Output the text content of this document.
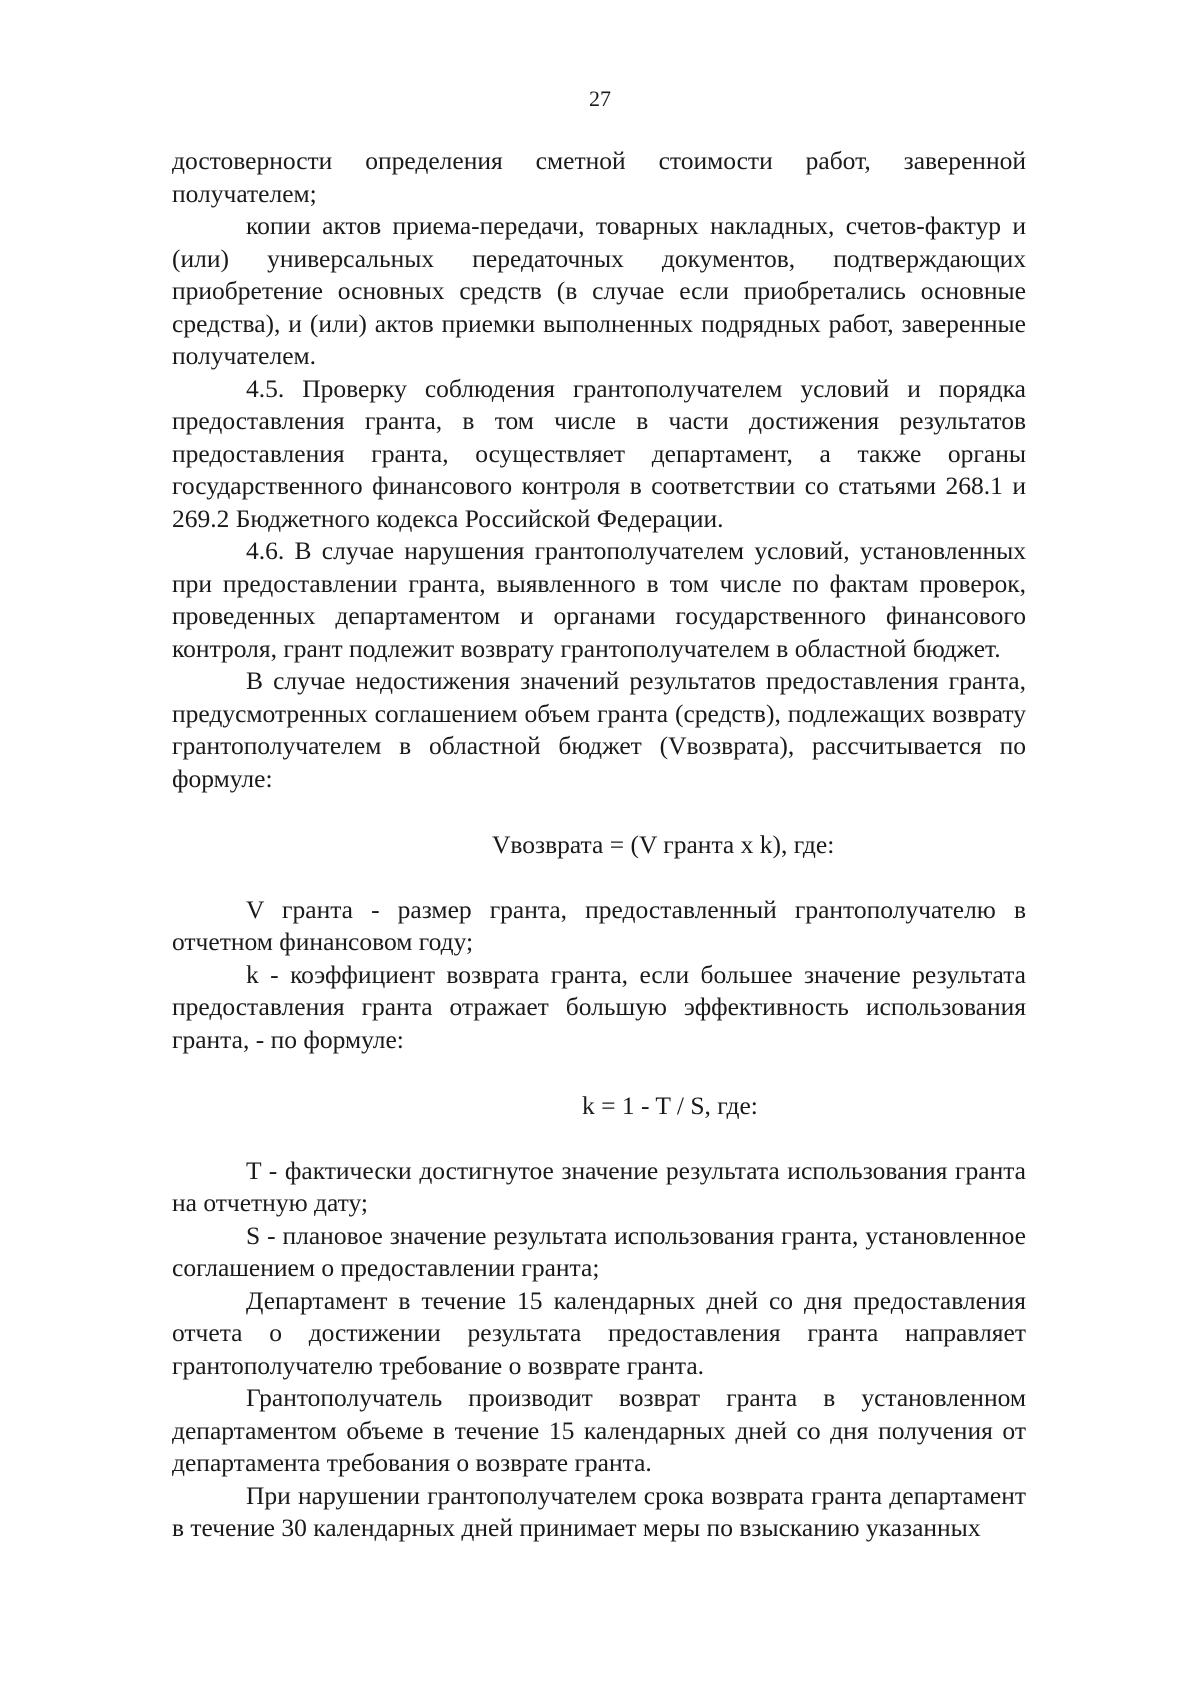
27

достоверности определения сметной стоимости работ, заверенной получателем;

копии актов приема-передачи, товарных накладных, счетов-фактур и (или) универсальных передаточных документов, подтверждающих приобретение основных средств (в случае если приобретались основные средства), и (или) актов приемки выполненных подрядных работ, заверенные получателем.

4.5. Проверку соблюдения грантополучателем условий и порядка предоставления гранта, в том числе в части достижения результатов предоставления гранта, осуществляет департамент, а также органы государственного финансового контроля в соответствии со статьями 268.1 и 269.2 Бюджетного кодекса Российской Федерации.

4.6. В случае нарушения грантополучателем условий, установленных при предоставлении гранта, выявленного в том числе по фактам проверок, проведенных департаментом и органами государственного финансового контроля, грант подлежит возврату грантополучателем в областной бюджет.

В случае недостижения значений результатов предоставления гранта, предусмотренных соглашением объем гранта (средств), подлежащих возврату грантополучателем в областной бюджет (Vвозврата), рассчитывается по формуле:

Vвозврата = (V гранта x k), где:

V гранта - размер гранта, предоставленный грантополучателю в отчетном финансовом году;

k - коэффициент возврата гранта, если большее значение результата предоставления гранта отражает большую эффективность использования гранта, - по формуле:

k = 1 - T / S, где:

T - фактически достигнутое значение результата использования гранта на отчетную дату;

S - плановое значение результата использования гранта, установленное соглашением о предоставлении гранта;

Департамент в течение 15 календарных дней со дня предоставления отчета о достижении результата предоставления гранта направляет грантополучателю требование о возврате гранта.

Грантополучатель производит возврат гранта в установленном департаментом объеме в течение 15 календарных дней со дня получения от департамента требования о возврате гранта.

При нарушении грантополучателем срока возврата гранта департамент в течение 30 календарных дней принимает меры по взысканию указанных
